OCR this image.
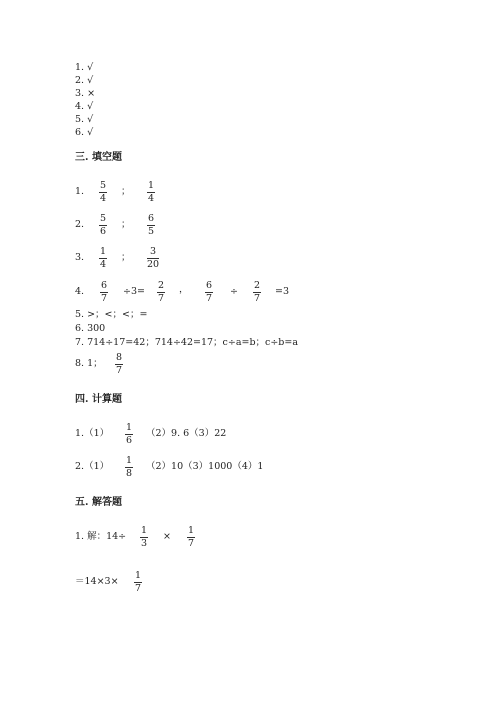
1. √
2. √
3. ×
4. √
5. √
6. √
三. 填空题
1.
5
4
；
1
4
2.
5
6
；
6
5
3.
1
4
；
3
20
4.
6
7
÷3=
2
7
， 6
7
÷
2
7
=3
5. >；<；<；=
6. 300
7. 714÷17=42；714÷42=17；c÷a=b；c÷b=a
8. 1；
8
7
四. 计算题
1.（1）
1
6
（2）9. 6（3）22
2.（1）
1
8
（2）10（3）1000（4）1
五. 解答题
1. 解：14÷
1
3
×
1
7
＝14×3×
1
7
